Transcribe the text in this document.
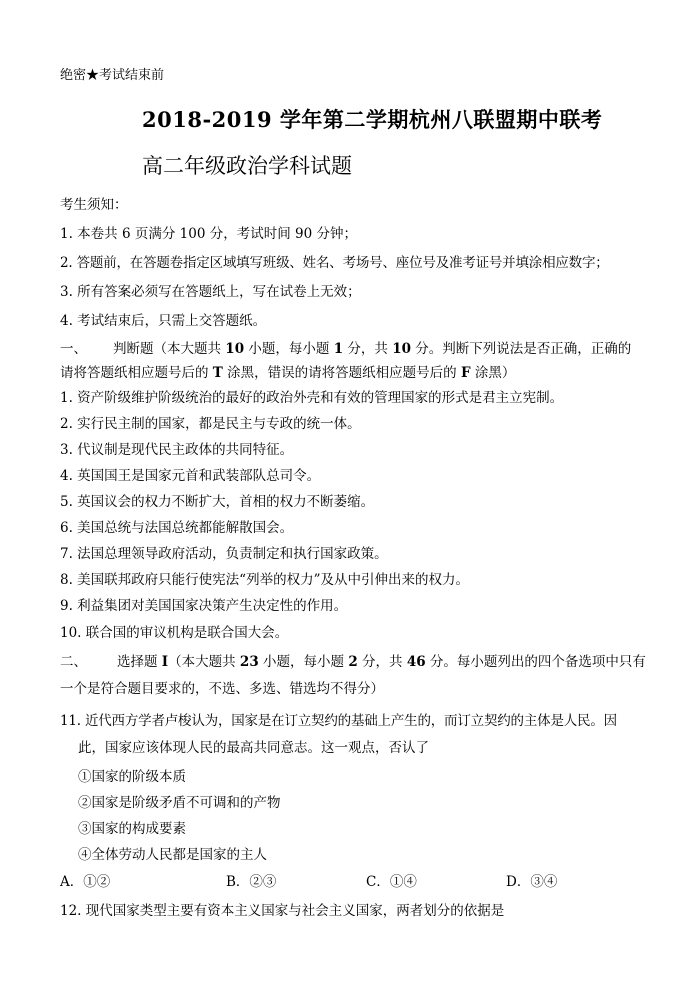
绝密★考试结束前
2018-2019 学年第二学期杭州八联盟期中联考
高二年级政治学科试题
考生须知：
1. 本卷共 6 页满分 100 分，考试时间 90 分钟；
2. 答题前，在答题卷指定区域填写班级、姓名、考场号、座位号及准考证号并填涂相应数字；
3. 所有答案必须写在答题纸上，写在试卷上无效；
4. 考试结束后，只需上交答题纸。
一、 判断题（本大题共 10 小题，每小题 1 分，共 10 分。判断下列说法是否正确，正确的
请将答题纸相应题号后的 T 涂黑，错误的请将答题纸相应题号后的 F 涂黑）
1. 资产阶级维护阶级统治的最好的政治外壳和有效的管理国家的形式是君主立宪制。
2. 实行民主制的国家，都是民主与专政的统一体。
3. 代议制是现代民主政体的共同特征。
4. 英国国王是国家元首和武装部队总司令。
5. 英国议会的权力不断扩大，首相的权力不断萎缩。
6. 美国总统与法国总统都能解散国会。
7. 法国总理领导政府活动，负责制定和执行国家政策。
8. 美国联邦政府只能行使宪法“列举的权力”及从中引伸出来的权力。
9. 利益集团对美国国家决策产生决定性的作用。
10. 联合国的审议机构是联合国大会。
二、 选择题 I（本大题共 23 小题，每小题 2 分，共 46 分。每小题列出的四个备选项中只有
一个是符合题目要求的，不选、多选、错选均不得分）
11. 近代西方学者卢梭认为，国家是在订立契约的基础上产生的，而订立契约的主体是人民。因
此，国家应该体现人民的最高共同意志。这一观点，否认了
①国家的阶级本质
②国家是阶级矛盾不可调和的产物
③国家的构成要素
④全体劳动人民都是国家的主人
A．①②	B．②③	C．①④	D．③④
12. 现代国家类型主要有资本主义国家与社会主义国家，两者划分的依据是
